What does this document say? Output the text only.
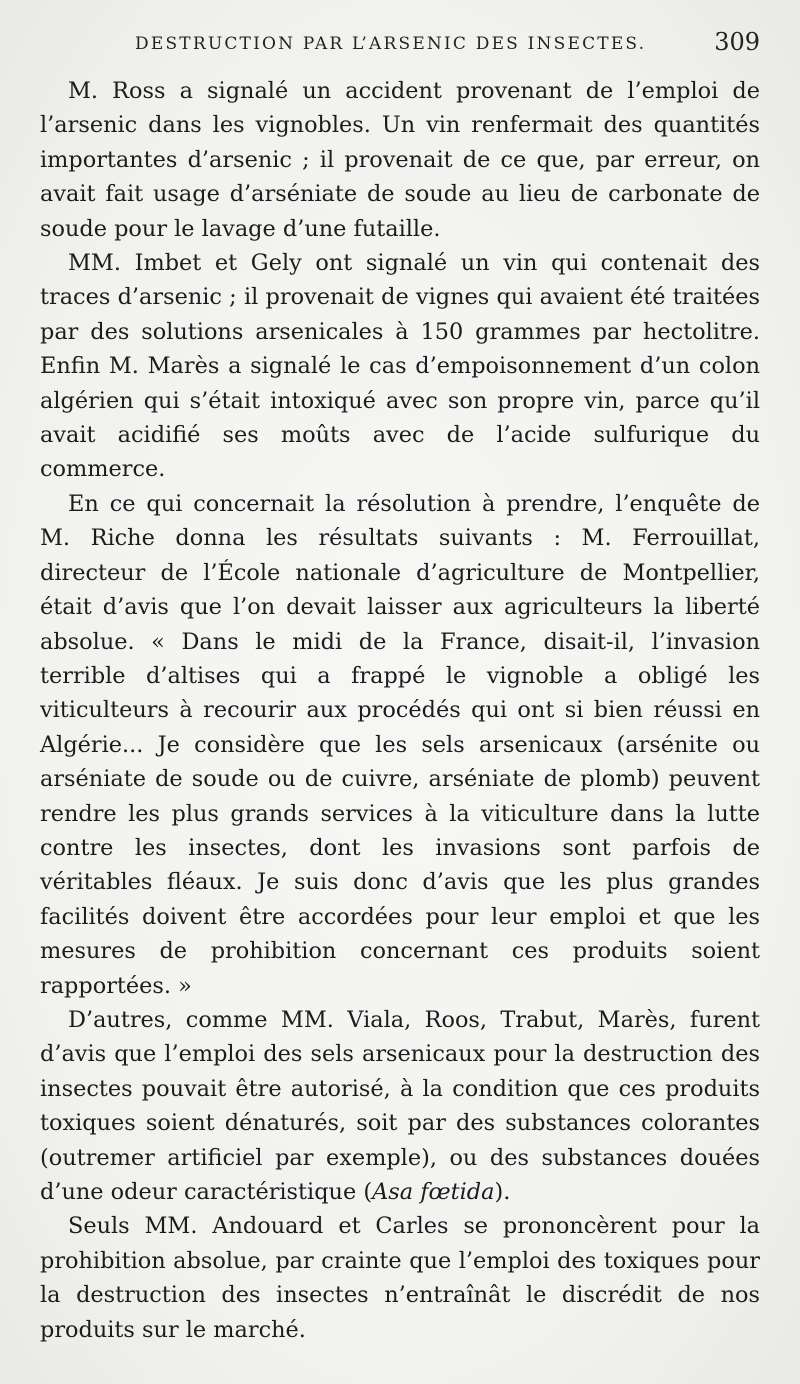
DESTRUCTION PAR L’ARSENIC DES INSECTES.	309

M. Ross a signalé un accident provenant de l’emploi de l’arsenic dans les vignobles. Un vin renfermait des quantités importantes d’arsenic ; il provenait de ce que, par erreur, on avait fait usage d’arséniate de soude au lieu de carbonate de soude pour le lavage d’une futaille.

MM. Imbet et Gely ont signalé un vin qui contenait des traces d’arsenic ; il provenait de vignes qui avaient été traitées par des solutions arsenicales à 150 grammes par hectolitre. Enfin M. Marès a signalé le cas d’empoisonnement d’un colon algérien qui s’était intoxiqué avec son propre vin, parce qu’il avait acidifié ses moûts avec de l’acide sulfurique du commerce.

En ce qui concernait la résolution à prendre, l’enquête de M. Riche donna les résultats suivants : M. Ferrouillat, directeur de l’École nationale d’agriculture de Montpellier, était d’avis que l’on devait laisser aux agriculteurs la liberté absolue. « Dans le midi de la France, disait-il, l’invasion terrible d’altises qui a frappé le vignoble a obligé les viticulteurs à recourir aux procédés qui ont si bien réussi en Algérie... Je considère que les sels arsenicaux (arsénite ou arséniate de soude ou de cuivre, arséniate de plomb) peuvent rendre les plus grands services à la viticulture dans la lutte contre les insectes, dont les invasions sont parfois de véritables fléaux. Je suis donc d’avis que les plus grandes facilités doivent être accordées pour leur emploi et que les mesures de prohibition concernant ces produits soient rapportées. »

D’autres, comme MM. Viala, Roos, Trabut, Marès, furent d’avis que l’emploi des sels arsenicaux pour la destruction des insectes pouvait être autorisé, à la condition que ces produits toxiques soient dénaturés, soit par des substances colorantes (outremer artificiel par exemple), ou des substances douées d’une odeur caractéristique (Asa fœtida).

Seuls MM. Andouard et Carles se prononcèrent pour la prohibition absolue, par crainte que l’emploi des toxiques pour la destruction des insectes n’entraînât le discrédit de nos produits sur le marché.
